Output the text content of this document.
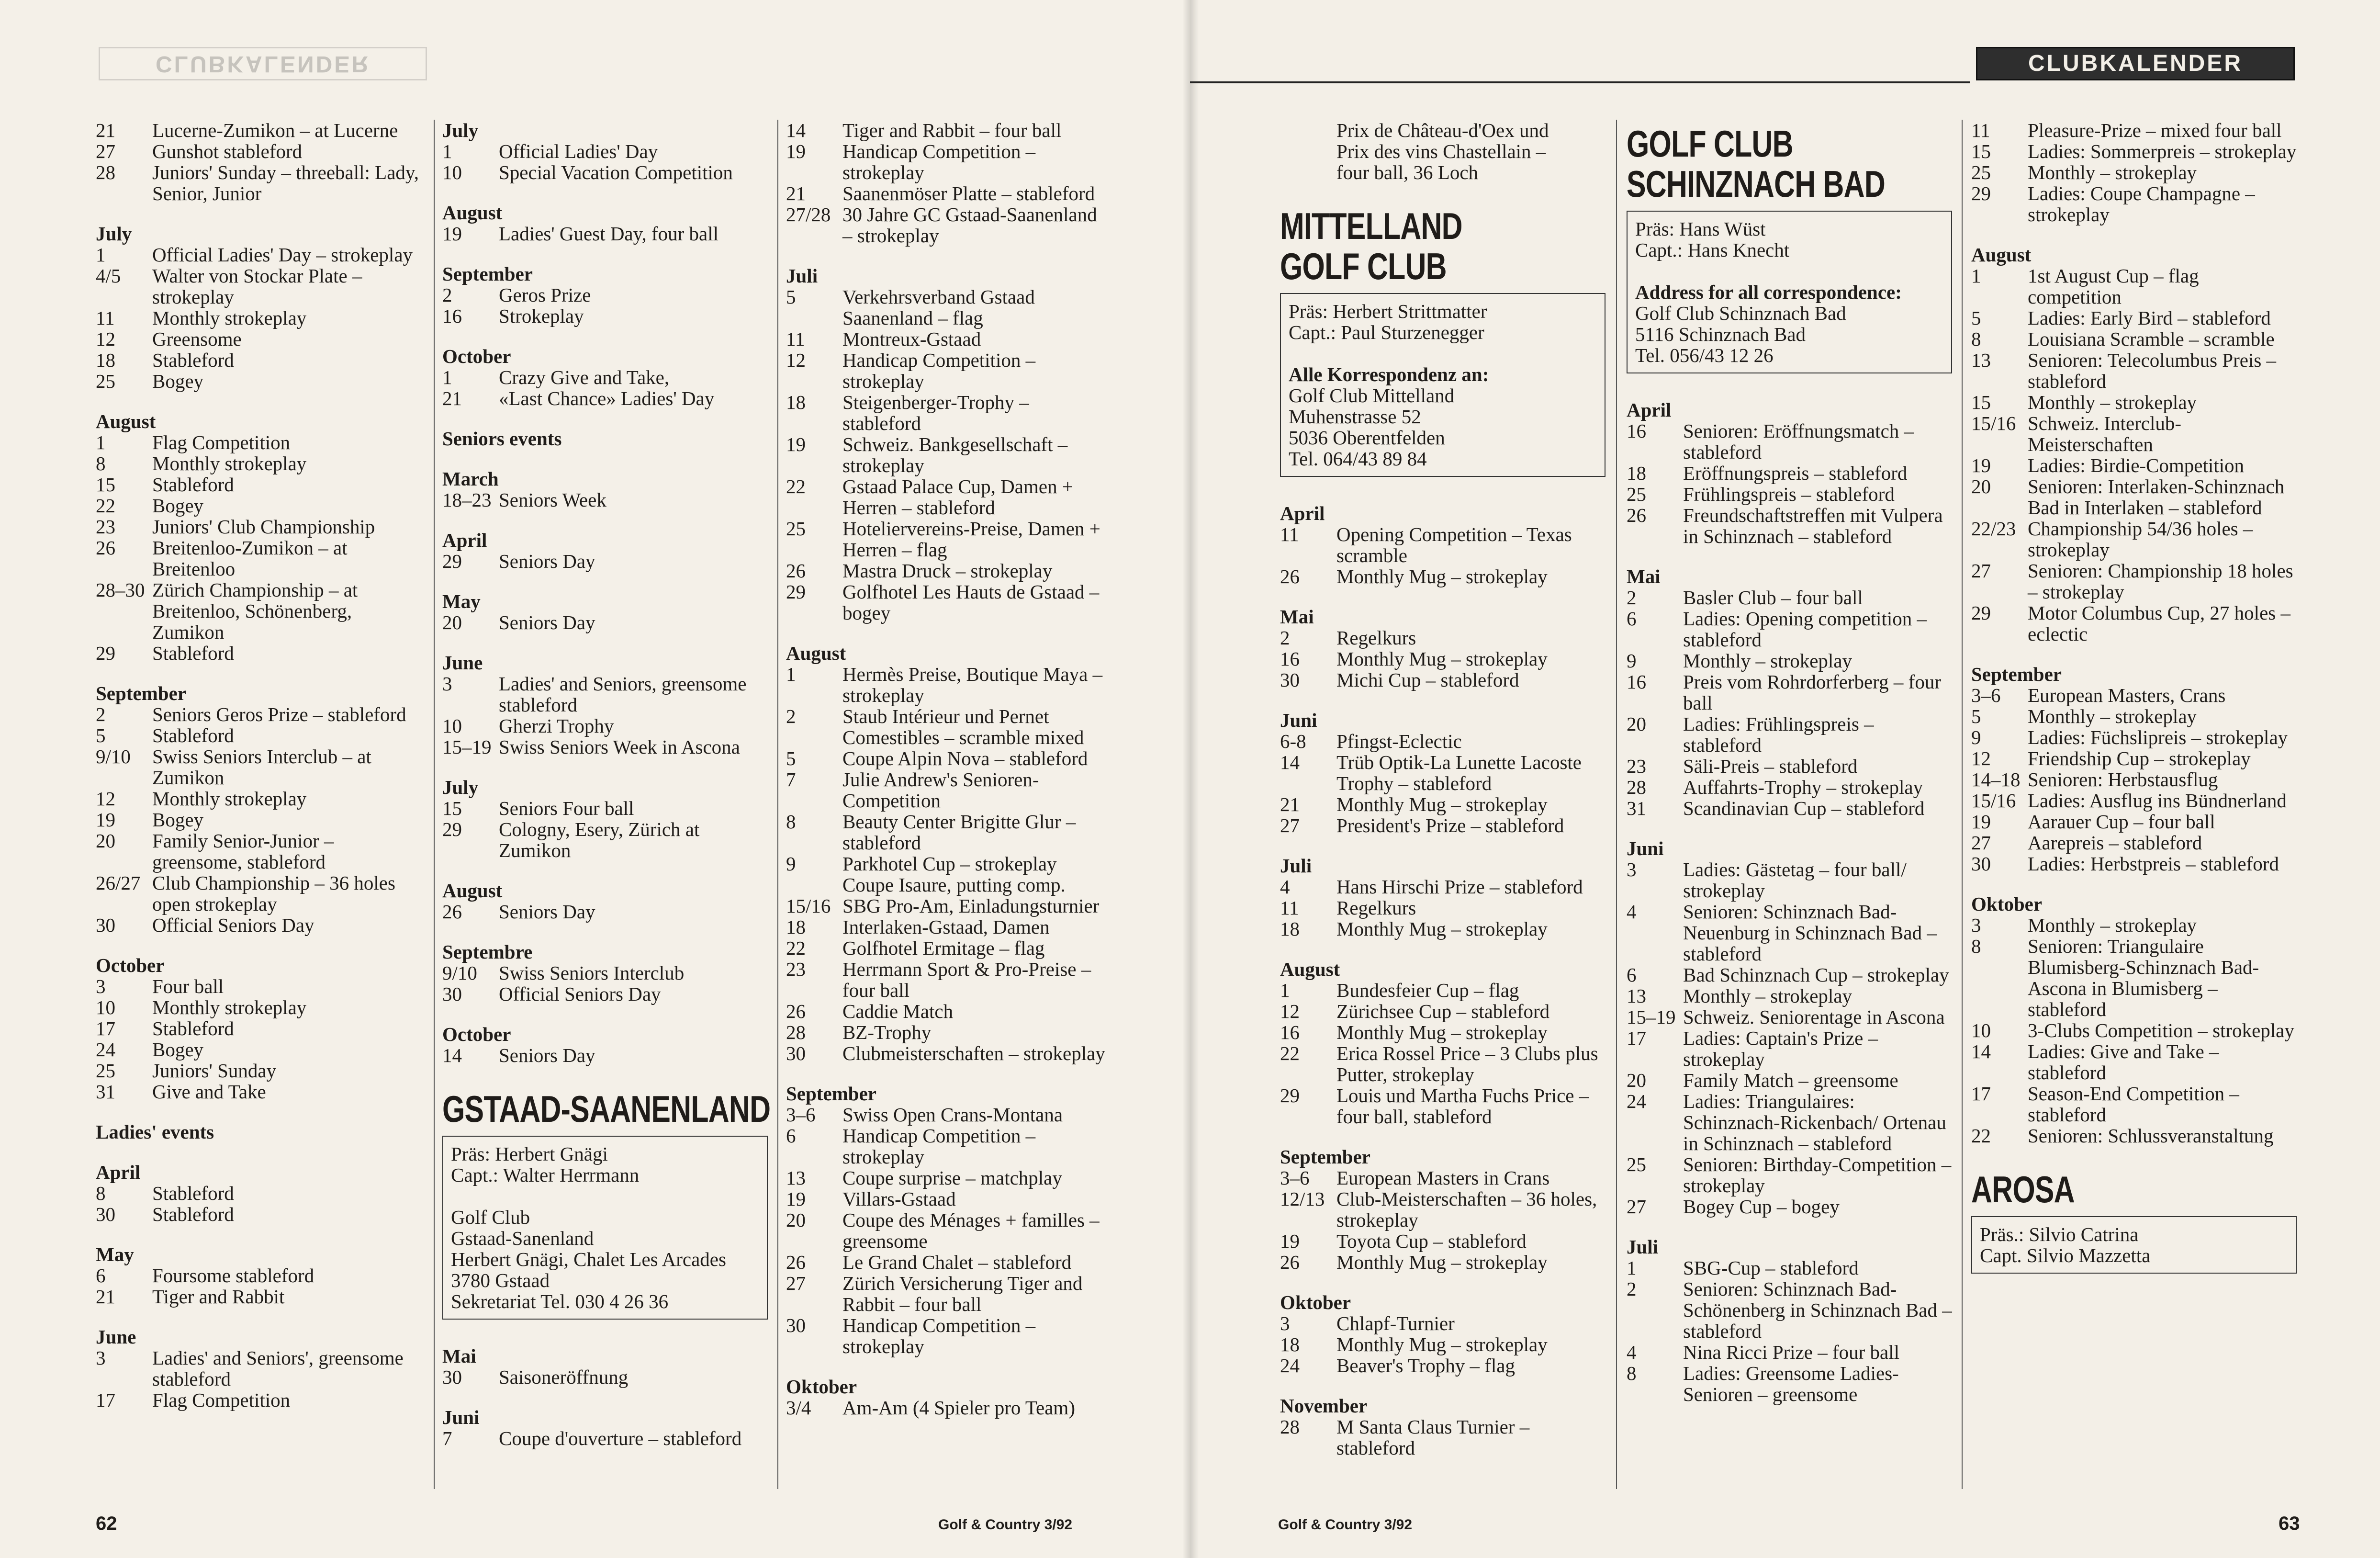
CLUBKALENDER	CLUBKALENDER
21	Lucerne-Zumikon – at Lucerne
27	Gunshot stableford
28	Juniors' Sunday – threeball: Lady, Senior, Junior
July
1	Official Ladies' Day – strokeplay
4/5	Walter von Stockar Plate – strokeplay
11	Monthly strokeplay
12	Greensome
18	Stableford
25	Bogey
August
1	Flag Competition
8	Monthly strokeplay
15	Stableford
22	Bogey
23	Juniors' Club Championship
26	Breitenloo-Zumikon – at Breitenloo
28–30 Zürich Championship – at Breitenloo, Schönenberg, Zumikon
29	Stableford
September
2	Seniors Geros Prize – stableford
5	Stableford
9/10	Swiss Seniors Interclub – at Zumikon
12	Monthly strokeplay
19	Bogey
20	Family Senior-Junior – greensome, stableford
26/27 Club Championship – 36 holes open strokeplay
30	Official Seniors Day
October
3	Four ball
10	Monthly strokeplay
17	Stableford
24	Bogey
25	Juniors' Sunday
31	Give and Take
Ladies' events
April
8	Stableford
30	Stableford
May
6	Foursome stableford
21	Tiger and Rabbit
June
3	Ladies' and Seniors', greensome stableford
17	Flag Competition
July
1	Official Ladies' Day
10	Special Vacation Competition
August
19	Ladies' Guest Day, four ball
September
2	Geros Prize
16	Strokeplay
October
1	Crazy Give and Take,
21	«Last Chance» Ladies' Day
Seniors events
March
18–23 Seniors Week
April
29	Seniors Day
May
20	Seniors Day
June
3	Ladies' and Seniors, greensome stableford
10	Gherzi Trophy
15–19 Swiss Seniors Week in Ascona
July
15	Seniors Four ball
29	Cologny, Esery, Zürich at Zumikon
August
26	Seniors Day
Septembre
9/10	Swiss Seniors Interclub
30	Official Seniors Day
October
14	Seniors Day
GSTAAD-SAANENLAND
Präs: Herbert Gnägi
Capt.: Walter Herrmann

Golf Club
Gstaad-Sanenland
Herbert Gnägi, Chalet Les Arcades
3780 Gstaad
Sekretariat Tel. 030 4 26 36
Mai
30	Saisoneröffnung
Juni
7	Coupe d'ouverture – stableford
14	Tiger and Rabbit – four ball
19	Handicap Competition – strokeplay
21	Saanenmöser Platte – stableford
27/28 30 Jahre GC Gstaad-Saanenland – strokeplay
Juli
5	Verkehrsverband Gstaad Saanenland – flag
11	Montreux-Gstaad
12	Handicap Competition – strokeplay
18	Steigenberger-Trophy – stableford
19	Schweiz. Bankgesellschaft – strokeplay
22	Gstaad Palace Cup, Damen + Herren – stableford
25	Hoteliervereins-Preise, Damen + Herren – flag
26	Mastra Druck – strokeplay
29	Golfhotel Les Hauts de Gstaad – bogey
August
1	Hermès Preise, Boutique Maya – strokeplay
2	Staub Intérieur und Pernet Comestibles – scramble mixed
5	Coupe Alpin Nova – stableford
7	Julie Andrew's Senioren-Competition
8	Beauty Center Brigitte Glur – stableford
9	Parkhotel Cup – strokeplay Coupe Isaure, putting comp.
15/16 SBG Pro-Am, Einladungsturnier
18	Interlaken-Gstaad, Damen
22	Golfhotel Ermitage – flag
23	Herrmann Sport & Pro-Preise – four ball
26	Caddie Match
28	BZ-Trophy
30	Clubmeisterschaften – strokeplay
September
3–6	Swiss Open Crans-Montana
6	Handicap Competition – strokeplay
13	Coupe surprise – matchplay
19	Villars-Gstaad
20	Coupe des Ménages + familles – greensome
26	Le Grand Chalet – stableford
27	Zürich Versicherung Tiger and Rabbit – four ball
30	Handicap Competition – strokeplay
Oktober
3/4	Am-Am (4 Spieler pro Team)
Prix de Château-d'Oex und
Prix des vins Chastellain –
four ball, 36 Loch
MITTELLAND
GOLF CLUB
Präs: Herbert Strittmatter
Capt.: Paul Sturzenegger

Alle Korrespondenz an:
Golf Club Mittelland
Muhenstrasse 52
5036 Oberentfelden
Tel. 064/43 89 84
April
11	Opening Competition – Texas scramble
26	Monthly Mug – strokeplay
Mai
2	Regelkurs
16	Monthly Mug – strokeplay
30	Michi Cup – stableford
Juni
6-8	Pfingst-Eclectic
14	Trüb Optik-La Lunette Lacoste Trophy – stableford
21	Monthly Mug – strokeplay
27	President's Prize – stableford
Juli
4	Hans Hirschi Prize – stableford
11	Regelkurs
18	Monthly Mug – strokeplay
August
1	Bundesfeier Cup – flag
12	Zürichsee Cup – stableford
16	Monthly Mug – strokeplay
22	Erica Rossel Price – 3 Clubs plus Putter, strokeplay
29	Louis und Martha Fuchs Price – four ball, stableford
September
3–6	European Masters in Crans
12/13 Club-Meisterschaften – 36 holes, strokeplay
19	Toyota Cup – stableford
26	Monthly Mug – strokeplay
Oktober
3	Chlapf-Turnier
18	Monthly Mug – strokeplay
24	Beaver's Trophy – flag
November
28	M Santa Claus Turnier – stableford
GOLF CLUB
SCHINZNACH BAD
Präs: Hans Wüst
Capt.: Hans Knecht

Address for all correspondence:
Golf Club Schinznach Bad
5116 Schinznach Bad
Tel. 056/43 12 26
April
16	Senioren: Eröffnungsmatch – stableford
18	Eröffnungspreis – stableford
25	Frühlingspreis – stableford
26	Freundschaftstreffen mit Vulpera in Schinznach – stableford
Mai
2	Basler Club – four ball
6	Ladies: Opening competition – stableford
9	Monthly – strokeplay
16	Preis vom Rohrdorferberg – four ball
20	Ladies: Frühlingspreis – stableford
23	Säli-Preis – stableford
28	Auffahrts-Trophy – strokeplay
31	Scandinavian Cup – stableford
Juni
3	Ladies: Gästetag – four ball/ strokeplay
4	Senioren: Schinznach Bad-Neuenburg in Schinznach Bad – stableford
6	Bad Schinznach Cup – strokeplay
13	Monthly – strokeplay
15–19 Schweiz. Seniorentage in Ascona
17	Ladies: Captain's Prize – strokeplay
20	Family Match – greensome
24	Ladies: Triangulaires: Schinznach-Rickenbach/ Ortenau in Schinznach – stableford
25	Senioren: Birthday-Competition – strokeplay
27	Bogey Cup – bogey
Juli
1	SBG-Cup – stableford
2	Senioren: Schinznach Bad-Schönenberg in Schinznach Bad – stableford
4	Nina Ricci Prize – four ball
8	Ladies: Greensome Ladies-Senioren – greensome
11	Pleasure-Prize – mixed four ball
15	Ladies: Sommerpreis – strokeplay
25	Monthly – strokeplay
29	Ladies: Coupe Champagne – strokeplay
August
1	1st August Cup – flag competition
5	Ladies: Early Bird – stableford
8	Louisiana Scramble – scramble
13	Senioren: Telecolumbus Preis – stableford
15	Monthly – strokeplay
15/16 Schweiz. Interclub-Meisterschaften
19	Ladies: Birdie-Competition
20	Senioren: Interlaken-Schinznach Bad in Interlaken – stableford
22/23 Championship 54/36 holes – strokeplay
27	Senioren: Championship 18 holes – strokeplay
29	Motor Columbus Cup, 27 holes – eclectic
September
3–6	European Masters, Crans
5	Monthly – strokeplay
9	Ladies: Füchslipreis – strokeplay
12	Friendship Cup – strokeplay
14–18 Senioren: Herbstausflug
15/16 Ladies: Ausflug ins Bündnerland
19	Aarauer Cup – four ball
27	Aarepreis – stableford
30	Ladies: Herbstpreis – stableford
Oktober
3	Monthly – strokeplay
8	Senioren: Triangulaire Blumisberg-Schinznach Bad-Ascona in Blumisberg – stableford
10	3-Clubs Competition – strokeplay
14	Ladies: Give and Take – stableford
17	Season-End Competition – stableford
22	Senioren: Schlussveranstaltung
AROSA
Präs.: Silvio Catrina
Capt. Silvio Mazzetta
62	Golf & Country 3/92	Golf & Country 3/92	63
